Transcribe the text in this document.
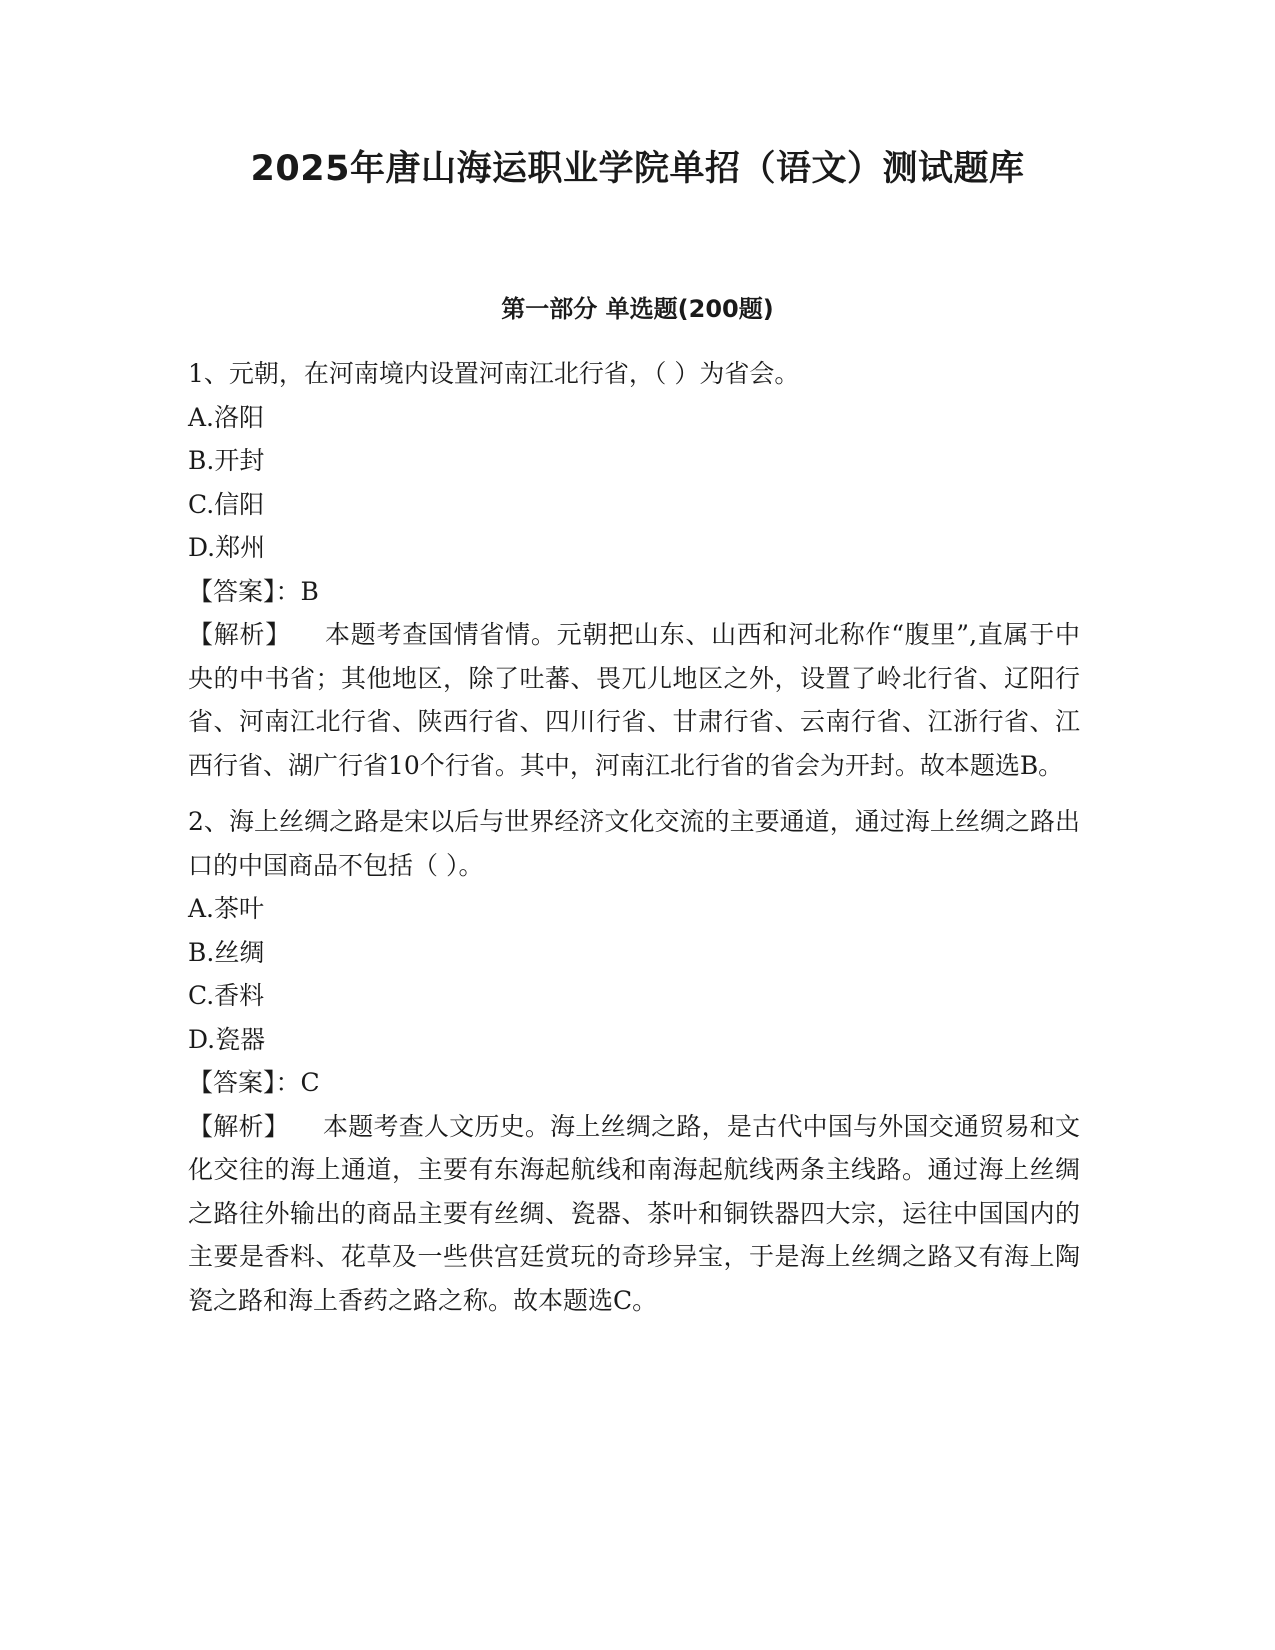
2025年唐山海运职业学院单招（语文）测试题库
第一部分 单选题(200题)

1、元朝，在河南境内设置河南江北行省，（ ）为省会。

A.洛阳

B.开封

C.信阳

D.郑州

【答案】：B

【解析】 本题考查国情省情。元朝把山东、山西和河北称作“腹里”,直属于中央的中书省；其他地区，除了吐蕃、畏兀儿地区之外，设置了岭北行省、辽阳行省、河南江北行省、陕西行省、四川行省、甘肃行省、云南行省、江浙行省、江西行省、湖广行省10个行省。其中，河南江北行省的省会为开封。故本题选B。

2、海上丝绸之路是宋以后与世界经济文化交流的主要通道，通过海上丝绸之路出口的中国商品不包括（ ）。

A.茶叶

B.丝绸

C.香料

D.瓷器

【答案】：C

【解析】 本题考查人文历史。海上丝绸之路，是古代中国与外国交通贸易和文化交往的海上通道，主要有东海起航线和南海起航线两条主线路。通过海上丝绸之路往外输出的商品主要有丝绸、瓷器、茶叶和铜铁器四大宗，运往中国国内的主要是香料、花草及一些供宫廷赏玩的奇珍异宝，于是海上丝绸之路又有海上陶瓷之路和海上香药之路之称。故本题选C。
